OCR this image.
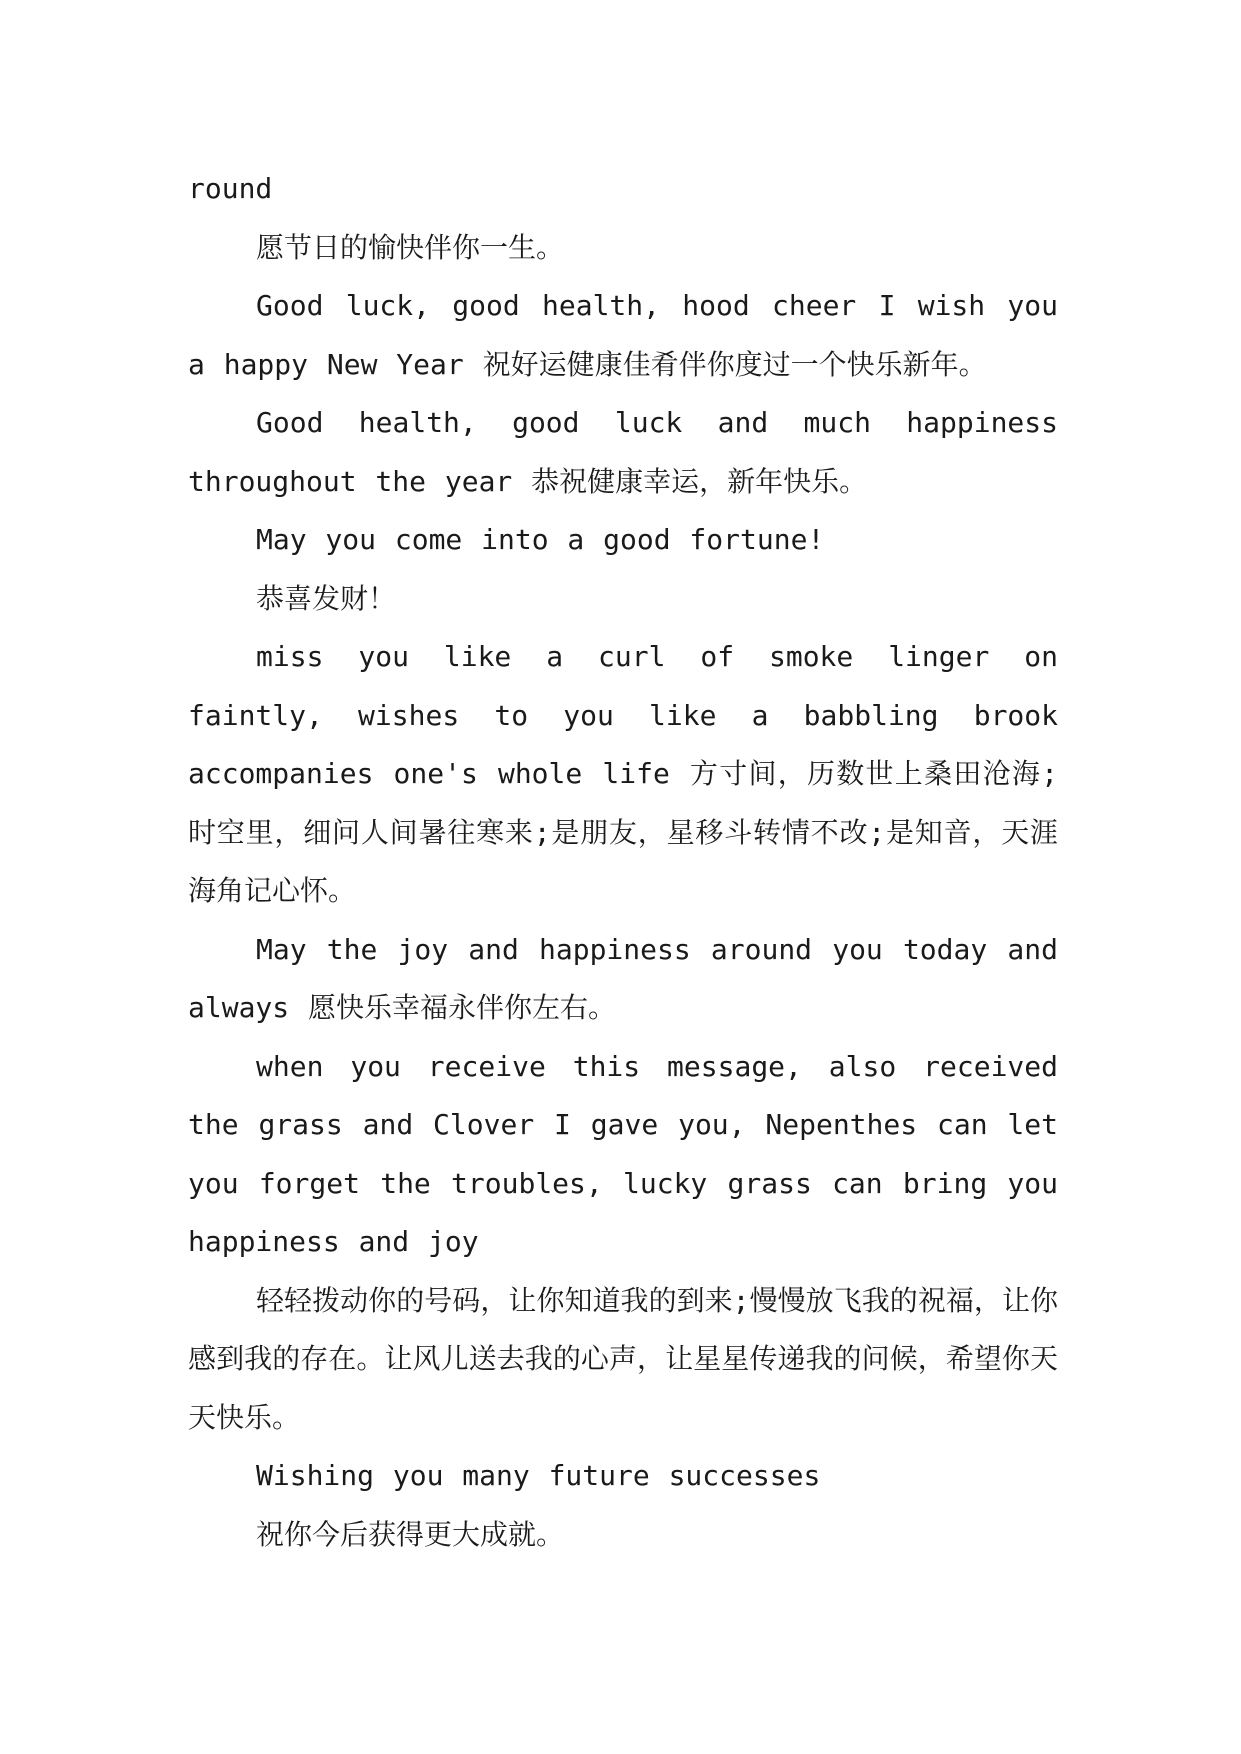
round

愿节日的愉快伴你一生。

Good luck, good health, hood cheer I wish you a happy New Year 祝好运健康佳肴伴你度过一个快乐新年。

Good health, good luck and much happiness throughout the year 恭祝健康幸运，新年快乐。

May you come into a good fortune!

恭喜发财！

miss you like a curl of smoke linger on faintly, wishes to you like a babbling brook accompanies one's whole life 方寸间，历数世上桑田沧海;时空里，细问人间暑往寒来;是朋友，星移斗转情不改;是知音，天涯海角记心怀。

May the joy and happiness around you today and always 愿快乐幸福永伴你左右。

when you receive this message, also received the grass and Clover I gave you, Nepenthes can let you forget the troubles, lucky grass can bring you happiness and joy

轻轻拨动你的号码，让你知道我的到来;慢慢放飞我的祝福，让你感到我的存在。让风儿送去我的心声，让星星传递我的问候，希望你天天快乐。

Wishing you many future successes

祝你今后获得更大成就。
